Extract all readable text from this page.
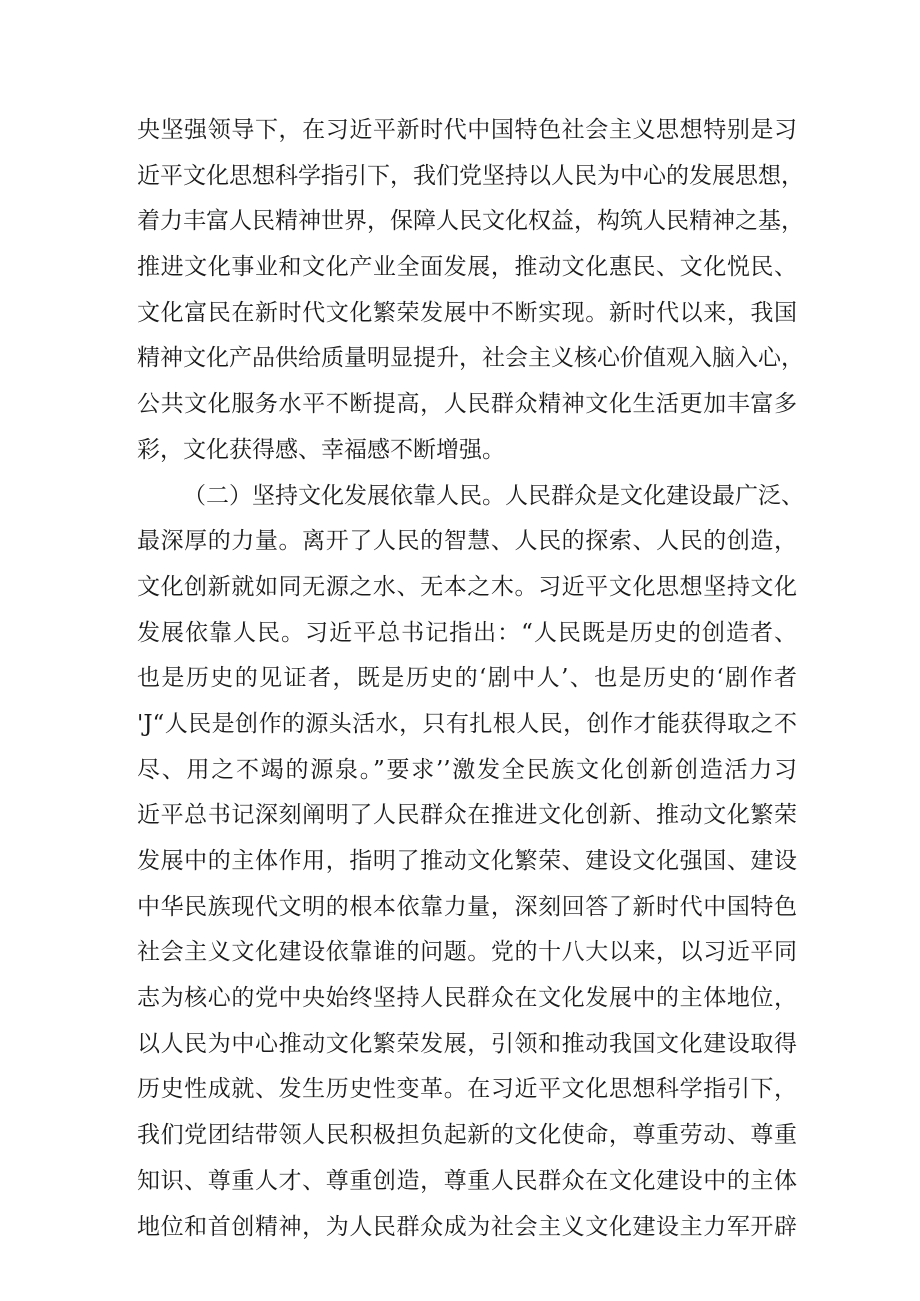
央坚强领导下，在习近平新时代中国特色社会主义思想特别是习
近平文化思想科学指引下，我们党坚持以人民为中心的发展思想，
着力丰富人民精神世界，保障人民文化权益，构筑人民精神之基，
推进文化事业和文化产业全面发展，推动文化惠民、文化悦民、
文化富民在新时代文化繁荣发展中不断实现。新时代以来，我国
精神文化产品供给质量明显提升，社会主义核心价值观入脑入心，
公共文化服务水平不断提高，人民群众精神文化生活更加丰富多
彩，文化获得感、幸福感不断增强。
（二）坚持文化发展依靠人民。人民群众是文化建设最广泛、
最深厚的力量。离开了人民的智慧、人民的探索、人民的创造，
文化创新就如同无源之水、无本之木。习近平文化思想坚持文化
发展依靠人民。习近平总书记指出：“人民既是历史的创造者、
也是历史的见证者，既是历史的‘剧中人’、也是历史的‘剧作者
'J“人民是创作的源头活水，只有扎根人民，创作才能获得取之不
尽、用之不竭的源泉。”要求’’激发全民族文化创新创造活力习
近平总书记深刻阐明了人民群众在推进文化创新、推动文化繁荣
发展中的主体作用，指明了推动文化繁荣、建设文化强国、建设
中华民族现代文明的根本依靠力量，深刻回答了新时代中国特色
社会主义文化建设依靠谁的问题。党的十八大以来，以习近平同
志为核心的党中央始终坚持人民群众在文化发展中的主体地位，
以人民为中心推动文化繁荣发展，引领和推动我国文化建设取得
历史性成就、发生历史性变革。在习近平文化思想科学指引下，
我们党团结带领人民积极担负起新的文化使命，尊重劳动、尊重
知识、尊重人才、尊重创造，尊重人民群众在文化建设中的主体
地位和首创精神，为人民群众成为社会主义文化建设主力军开辟
